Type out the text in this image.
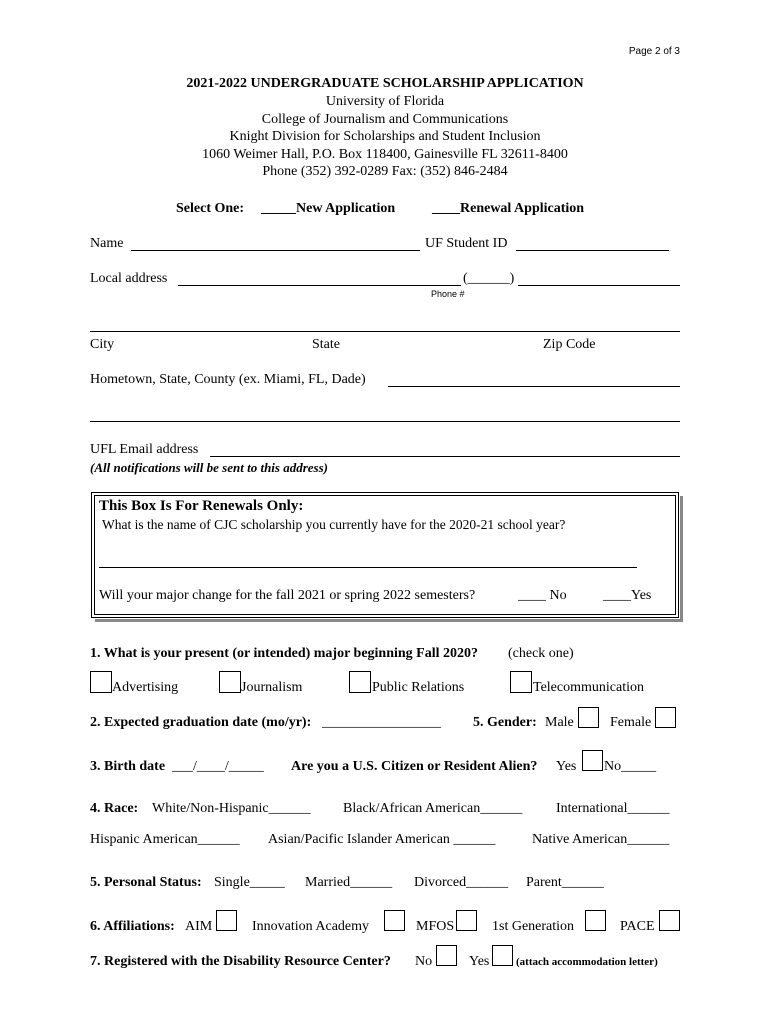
Page 2 of 3
2021-2022 UNDERGRADUATE SCHOLARSHIP APPLICATION
University of Florida
College of Journalism and Communications
Knight Division for Scholarships and Student Inclusion
1060 Weimer Hall, P.O. Box 118400, Gainesville FL 32611-8400
Phone (352) 392-0289 Fax: (352) 846-2484
Select One: _____New Application	____Renewal Application
Name	UF Student ID
Local address	(______)
Phone #
City	State	Zip Code
Hometown, State, County (ex. Miami, FL, Dade)
UFL Email address
(All notifications will be sent to this address)
This Box Is For Renewals Only:
What is the name of CJC scholarship you currently have for the 2020-21 school year?
Will your major change for the fall 2021 or spring 2022 semesters?	____ No	____Yes
1. What is your present (or intended) major beginning Fall 2020? (check one)
Advertising	Journalism	Public Relations	Telecommunication
2. Expected graduation date (mo/yr): _________________ 5. Gender: Male	Female
3. Birth date ___/____/_____ Are you a U.S. Citizen or Resident Alien? Yes No_____
4. Race: White/Non-Hispanic______ Black/African American______ International______
Hispanic American______ Asian/Pacific Islander American ______	Native American______
5. Personal Status: Single_____ Married______ Divorced______ Parent______
6. Affiliations: AIM	Innovation Academy	MFOS	1st Generation	PACE
7. Registered with the Disability Resource Center? No	Yes (attach accommodation letter)
